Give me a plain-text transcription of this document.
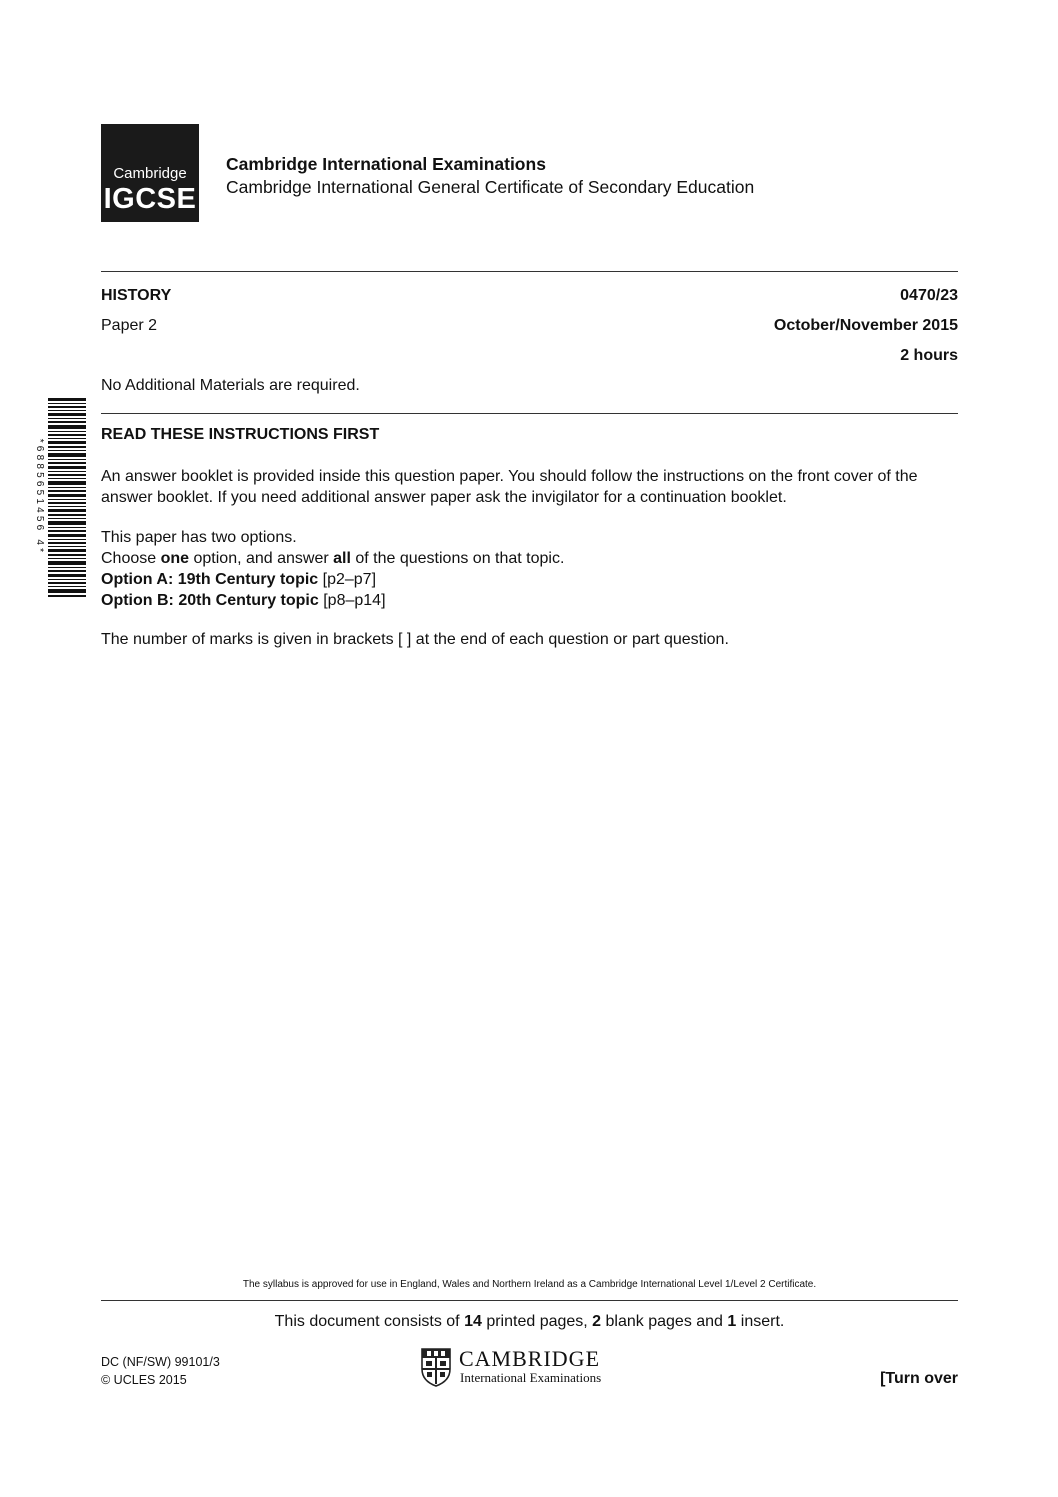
Cambridge
IGCSE
Cambridge International Examinations
Cambridge International General Certificate of Secondary Education
HISTORY	0470/23
Paper 2	October/November 2015
2 hours
No Additional Materials are required.
*6885651456 4*
READ THESE INSTRUCTIONS FIRST
An answer booklet is provided inside this question paper. You should follow the instructions on the front cover of the answer booklet. If you need additional answer paper ask the invigilator for a continuation booklet.
This paper has two options.
Choose one option, and answer all of the questions on that topic.
Option A: 19th Century topic [p2–p7]
Option B: 20th Century topic [p8–p14]
The number of marks is given in brackets [ ] at the end of each question or part question.
The syllabus is approved for use in England, Wales and Northern Ireland as a Cambridge International Level 1/Level 2 Certificate.
This document consists of 14 printed pages, 2 blank pages and 1 insert.
DC (NF/SW) 99101/3
© UCLES 2015
CAMBRIDGE
International Examinations	[Turn over
